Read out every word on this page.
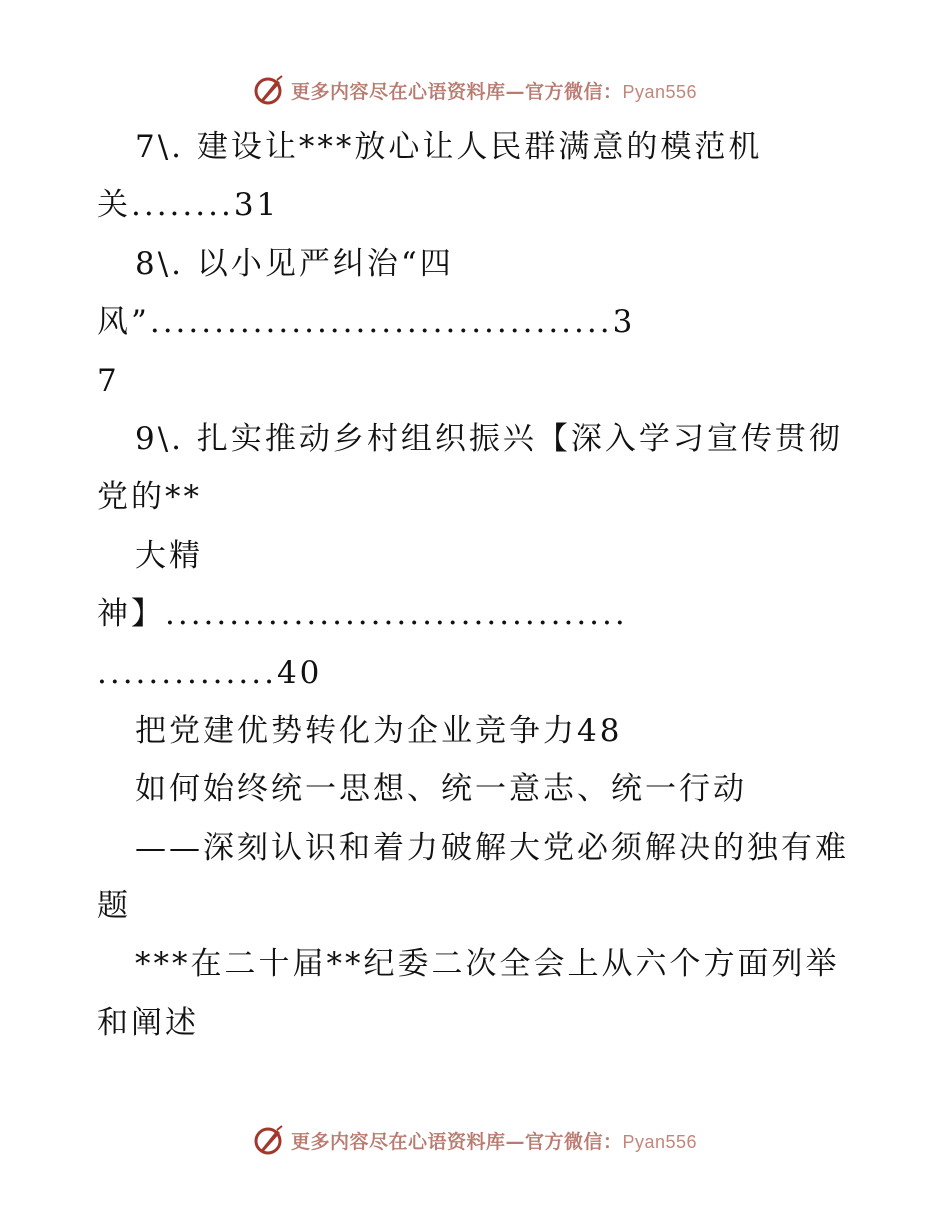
更多内容尽在心语资料库—官方微信：Pyan556
7\. 建设让***放心让人民群满意的模范机
关........31
8\. 以小见严纠治“四
风”....................................3
7
9\. 扎实推动乡村组织振兴【深入学习宣传贯彻
党的**
大精
神】....................................
..............40
把党建优势转化为企业竞争力48
如何始终统一思想、统一意志、统一行动
——深刻认识和着力破解大党必须解决的独有难
题
***在二十届**纪委二次全会上从六个方面列举
和阐述
更多内容尽在心语资料库—官方微信：Pyan556
